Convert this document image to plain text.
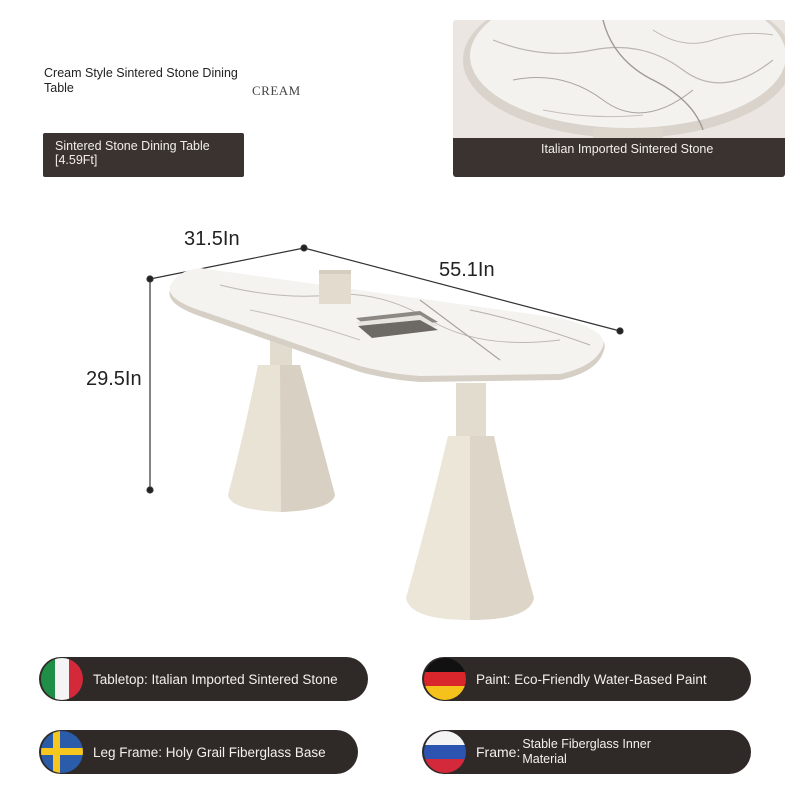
Cream Style Sintered Stone Dining Table	CREAM
Sintered Stone Dining Table [4.59Ft]
Italian Imported Sintered Stone
31.5In
55.1In
29.5In
Tabletop: Italian Imported Sintered Stone	Paint: Eco-Friendly Water-Based Paint
Leg Frame: Holy Grail Fiberglass Base	Frame: Stable Fiberglass Inner Material
